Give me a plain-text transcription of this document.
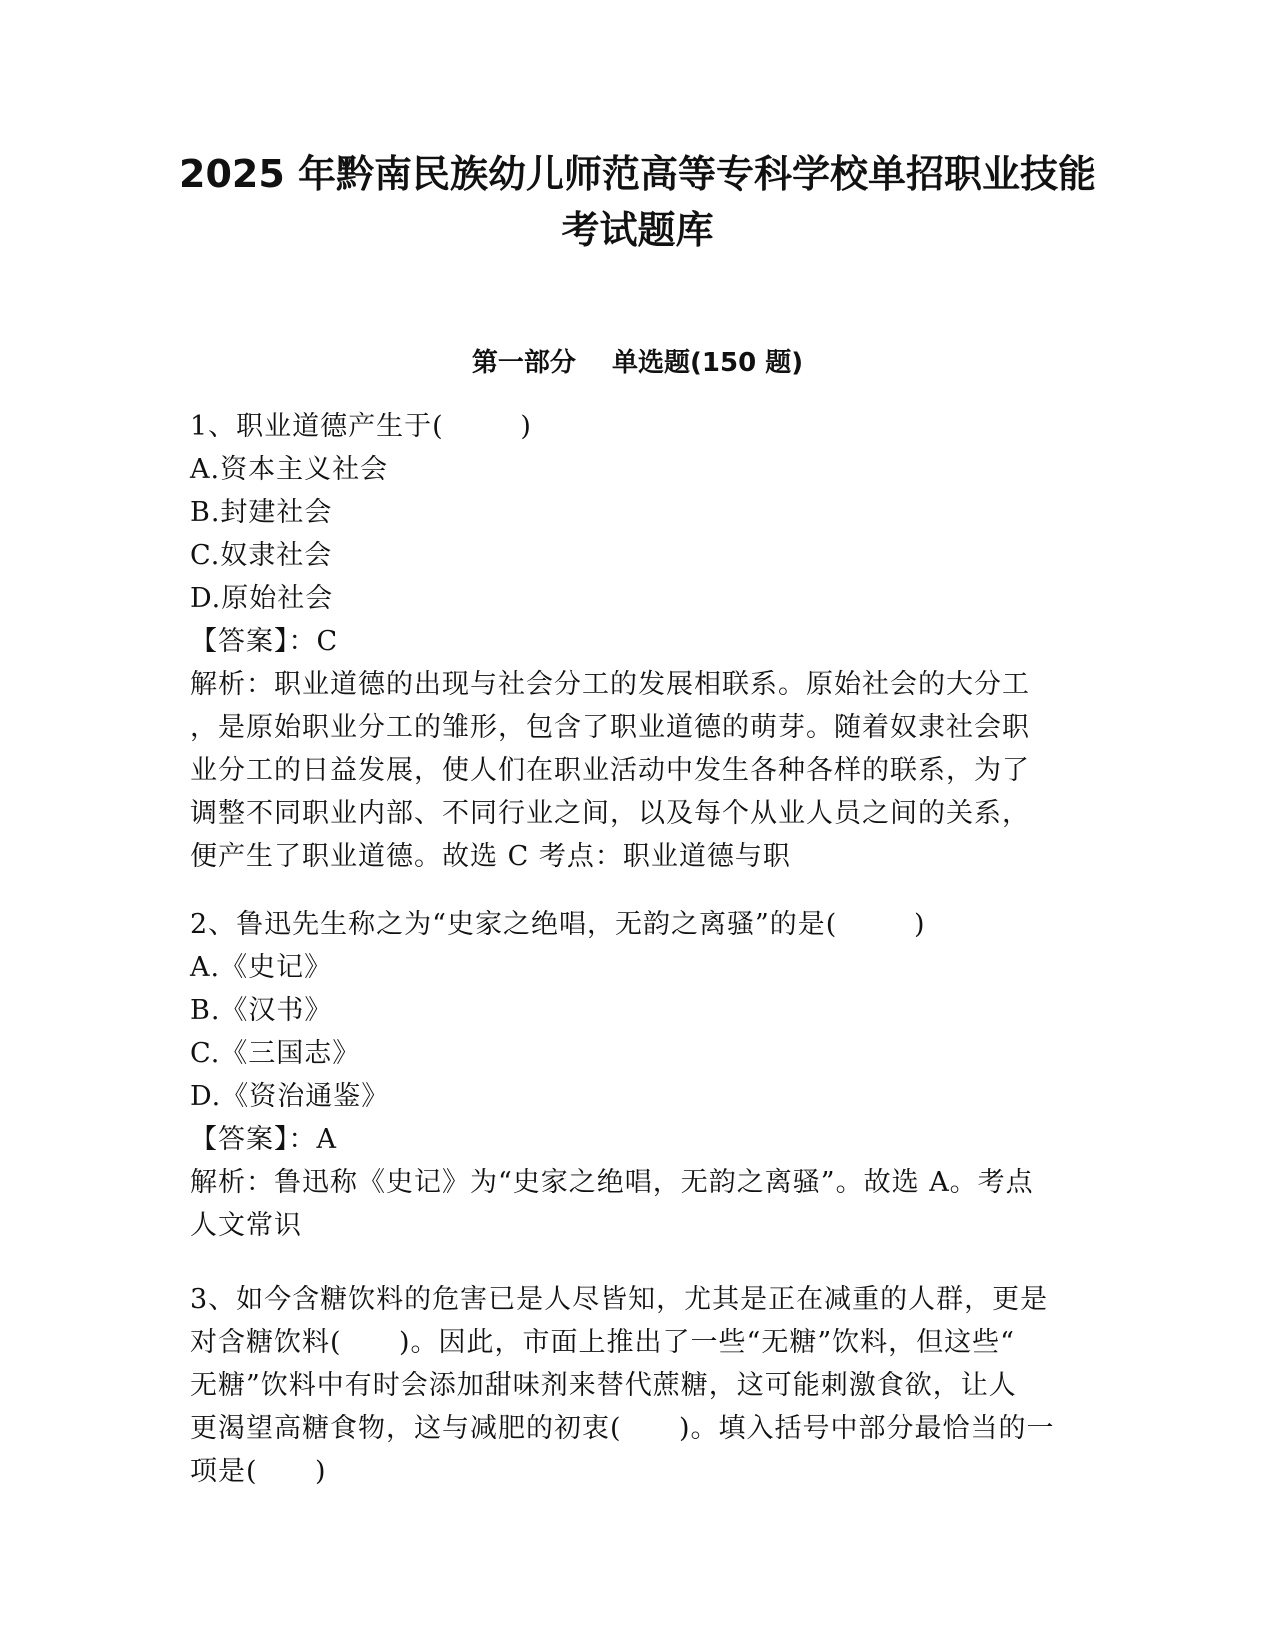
2025 年黔南民族幼儿师范高等专科学校单招职业技能
考试题库
第一部分    单选题(150 题)
1、职业道德产生于(        )
A.资本主义社会
B.封建社会
C.奴隶社会
D.原始社会
【答案】：C
解析：职业道德的出现与社会分工的发展相联系。原始社会的大分工
，是原始职业分工的雏形，包含了职业道德的萌芽。随着奴隶社会职
业分工的日益发展，使人们在职业活动中发生各种各样的联系，为了
调整不同职业内部、不同行业之间，以及每个从业人员之间的关系，
便产生了职业道德。故选 C 考点：职业道德与职
2、鲁迅先生称之为“史家之绝唱，无韵之离骚”的是(        )
A.《史记》
B.《汉书》
C.《三国志》
D.《资治通鉴》
【答案】：A
解析：鲁迅称《史记》为“史家之绝唱，无韵之离骚”。故选 A。考点
人文常识
3、如今含糖饮料的危害已是人尽皆知，尤其是正在减重的人群，更是
对含糖饮料(      )。因此，市面上推出了一些“无糖”饮料，但这些“
无糖”饮料中有时会添加甜味剂来替代蔗糖，这可能刺激食欲，让人
更渴望高糖食物，这与减肥的初衷(      )。填入括号中部分最恰当的一
项是(      )
